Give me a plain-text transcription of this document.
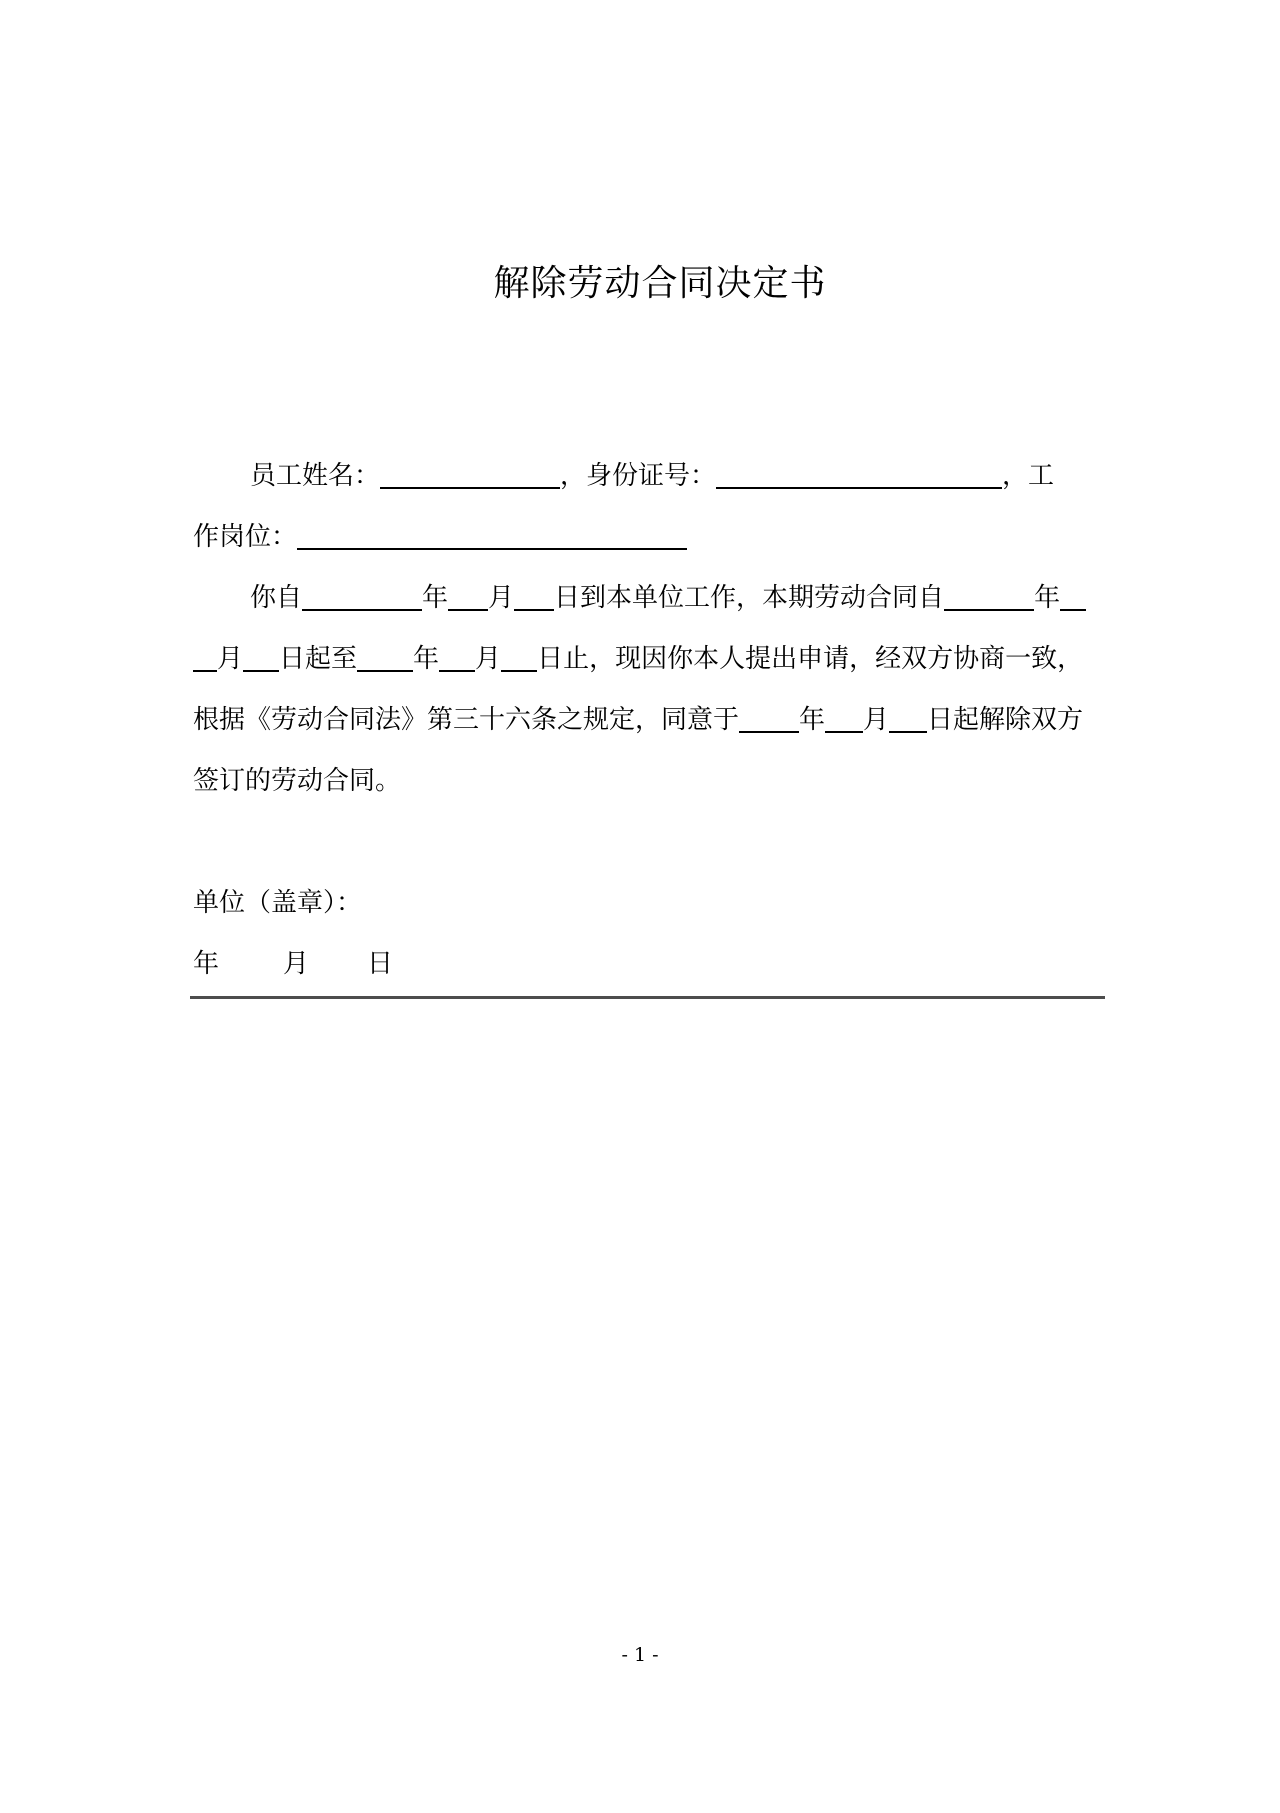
解除劳动合同决定书
员工姓名：	，身份证号：	，工
作岗位：
你自	年 月 日到本单位工作，本期劳动合同自	年
月 日起至 年 月 日止，现因你本人提出申请，经双方协商一致，
根据《劳动合同法》第三十六条之规定，同意于 年 月 日起解除双方
签订的劳动合同。
单位（盖章）：
年 月 日
- 1 -
